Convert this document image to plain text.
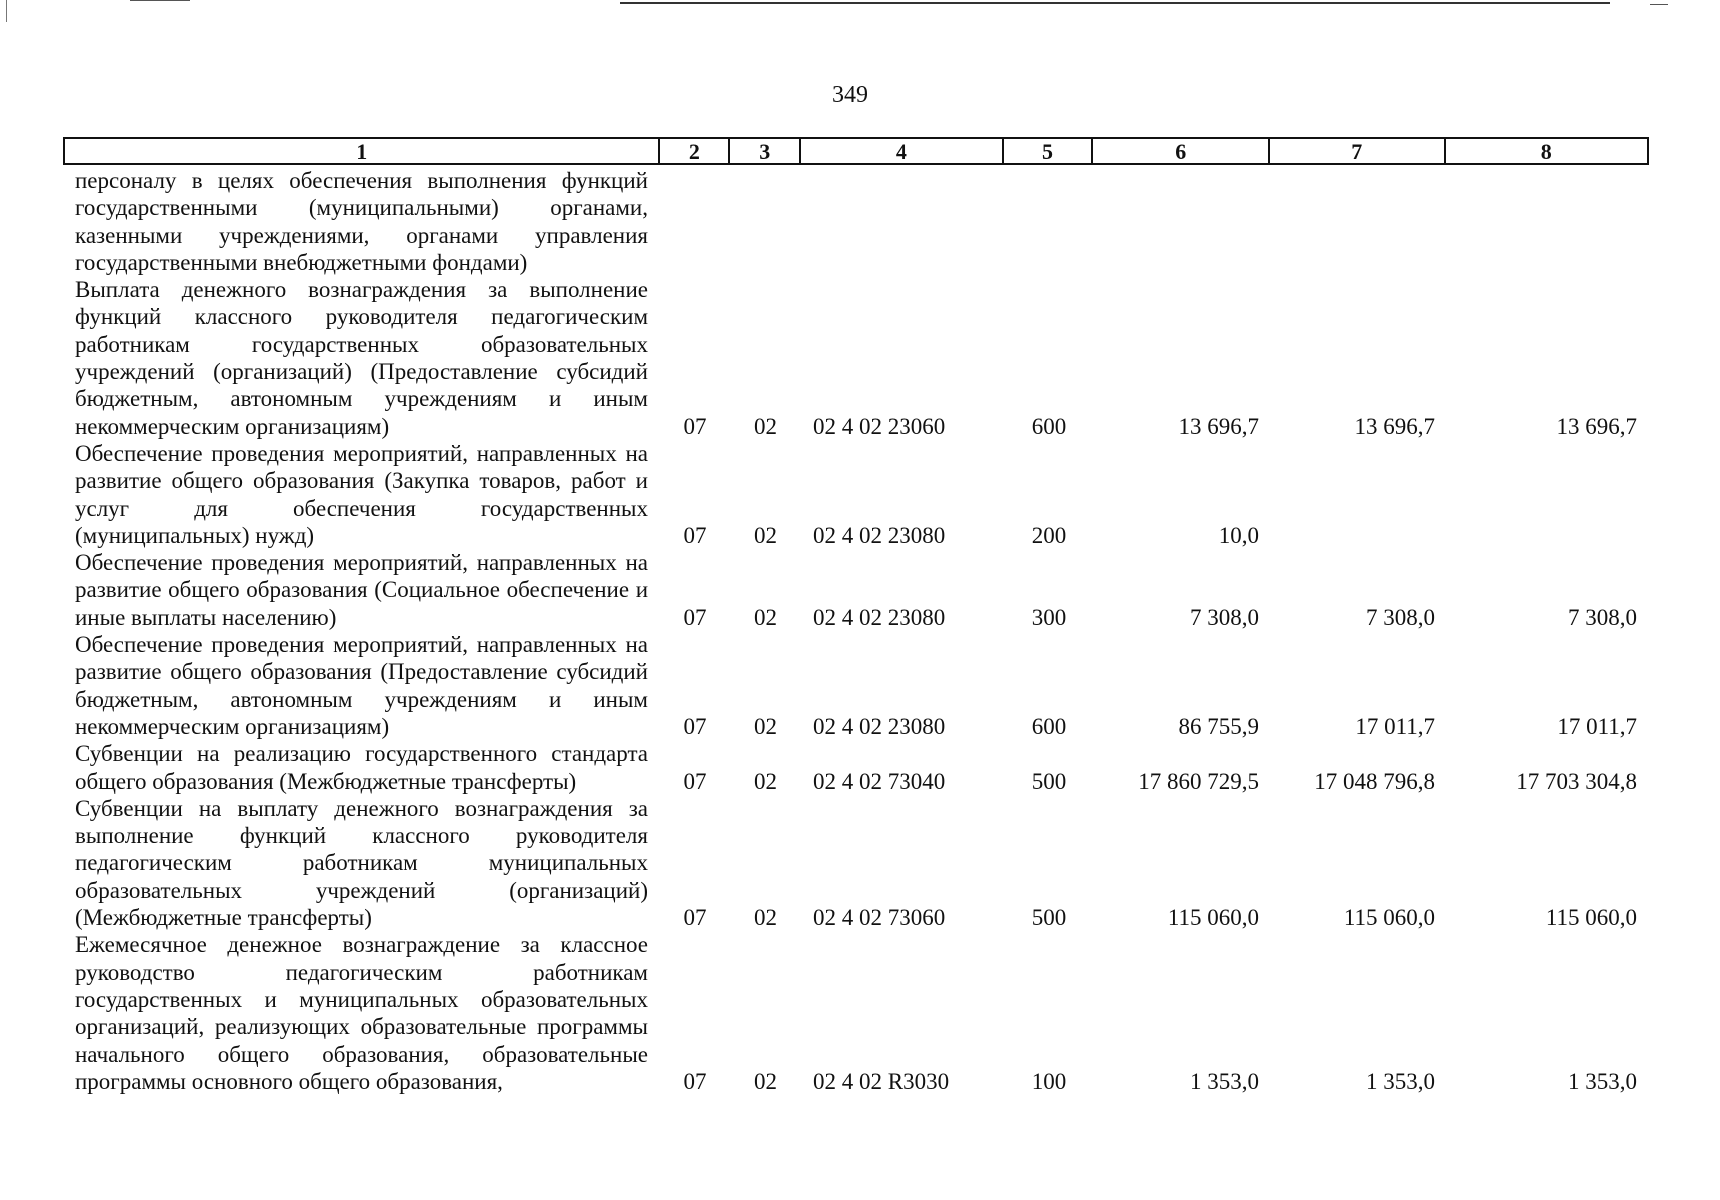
349
1	2	3	4	5	6	7	8
персоналу в целях обеспечения выполнения функций государственными (муниципальными) органами, казенными учреждениями, органами управления государственными внебюджетными фондами)
Выплата денежного вознаграждения за выполнение функций классного руководителя педагогическим работникам государственных образовательных учреждений (организаций) (Предоставление субсидий бюджетным, автономным учреждениям и иным некоммерческим организациям)	07	02	02 4 02 23060	600	13 696,7	13 696,7	13 696,7
Обеспечение проведения мероприятий, направленных на развитие общего образования (Закупка товаров, работ и услуг для обеспечения государственных (муниципальных) нужд)	07	02	02 4 02 23080	200	10,0
Обеспечение проведения мероприятий, направленных на развитие общего образования (Социальное обеспечение и иные выплаты населению)	07	02	02 4 02 23080	300	7 308,0	7 308,0	7 308,0
Обеспечение проведения мероприятий, направленных на развитие общего образования (Предоставление субсидий бюджетным, автономным учреждениям и иным некоммерческим организациям)	07	02	02 4 02 23080	600	86 755,9	17 011,7	17 011,7
Субвенции на реализацию государственного стандарта общего образования (Межбюджетные трансферты)	07	02	02 4 02 73040	500	17 860 729,5	17 048 796,8	17 703 304,8
Субвенции на выплату денежного вознаграждения за выполнение функций классного руководителя педагогическим работникам муниципальных образовательных учреждений (организаций) (Межбюджетные трансферты)	07	02	02 4 02 73060	500	115 060,0	115 060,0	115 060,0
Ежемесячное денежное вознаграждение за классное руководство педагогическим работникам государственных и муниципальных образовательных организаций, реализующих образовательные программы начального общего образования, образовательные программы основного общего образования,	07	02	02 4 02 R3030	100	1 353,0	1 353,0	1 353,0
